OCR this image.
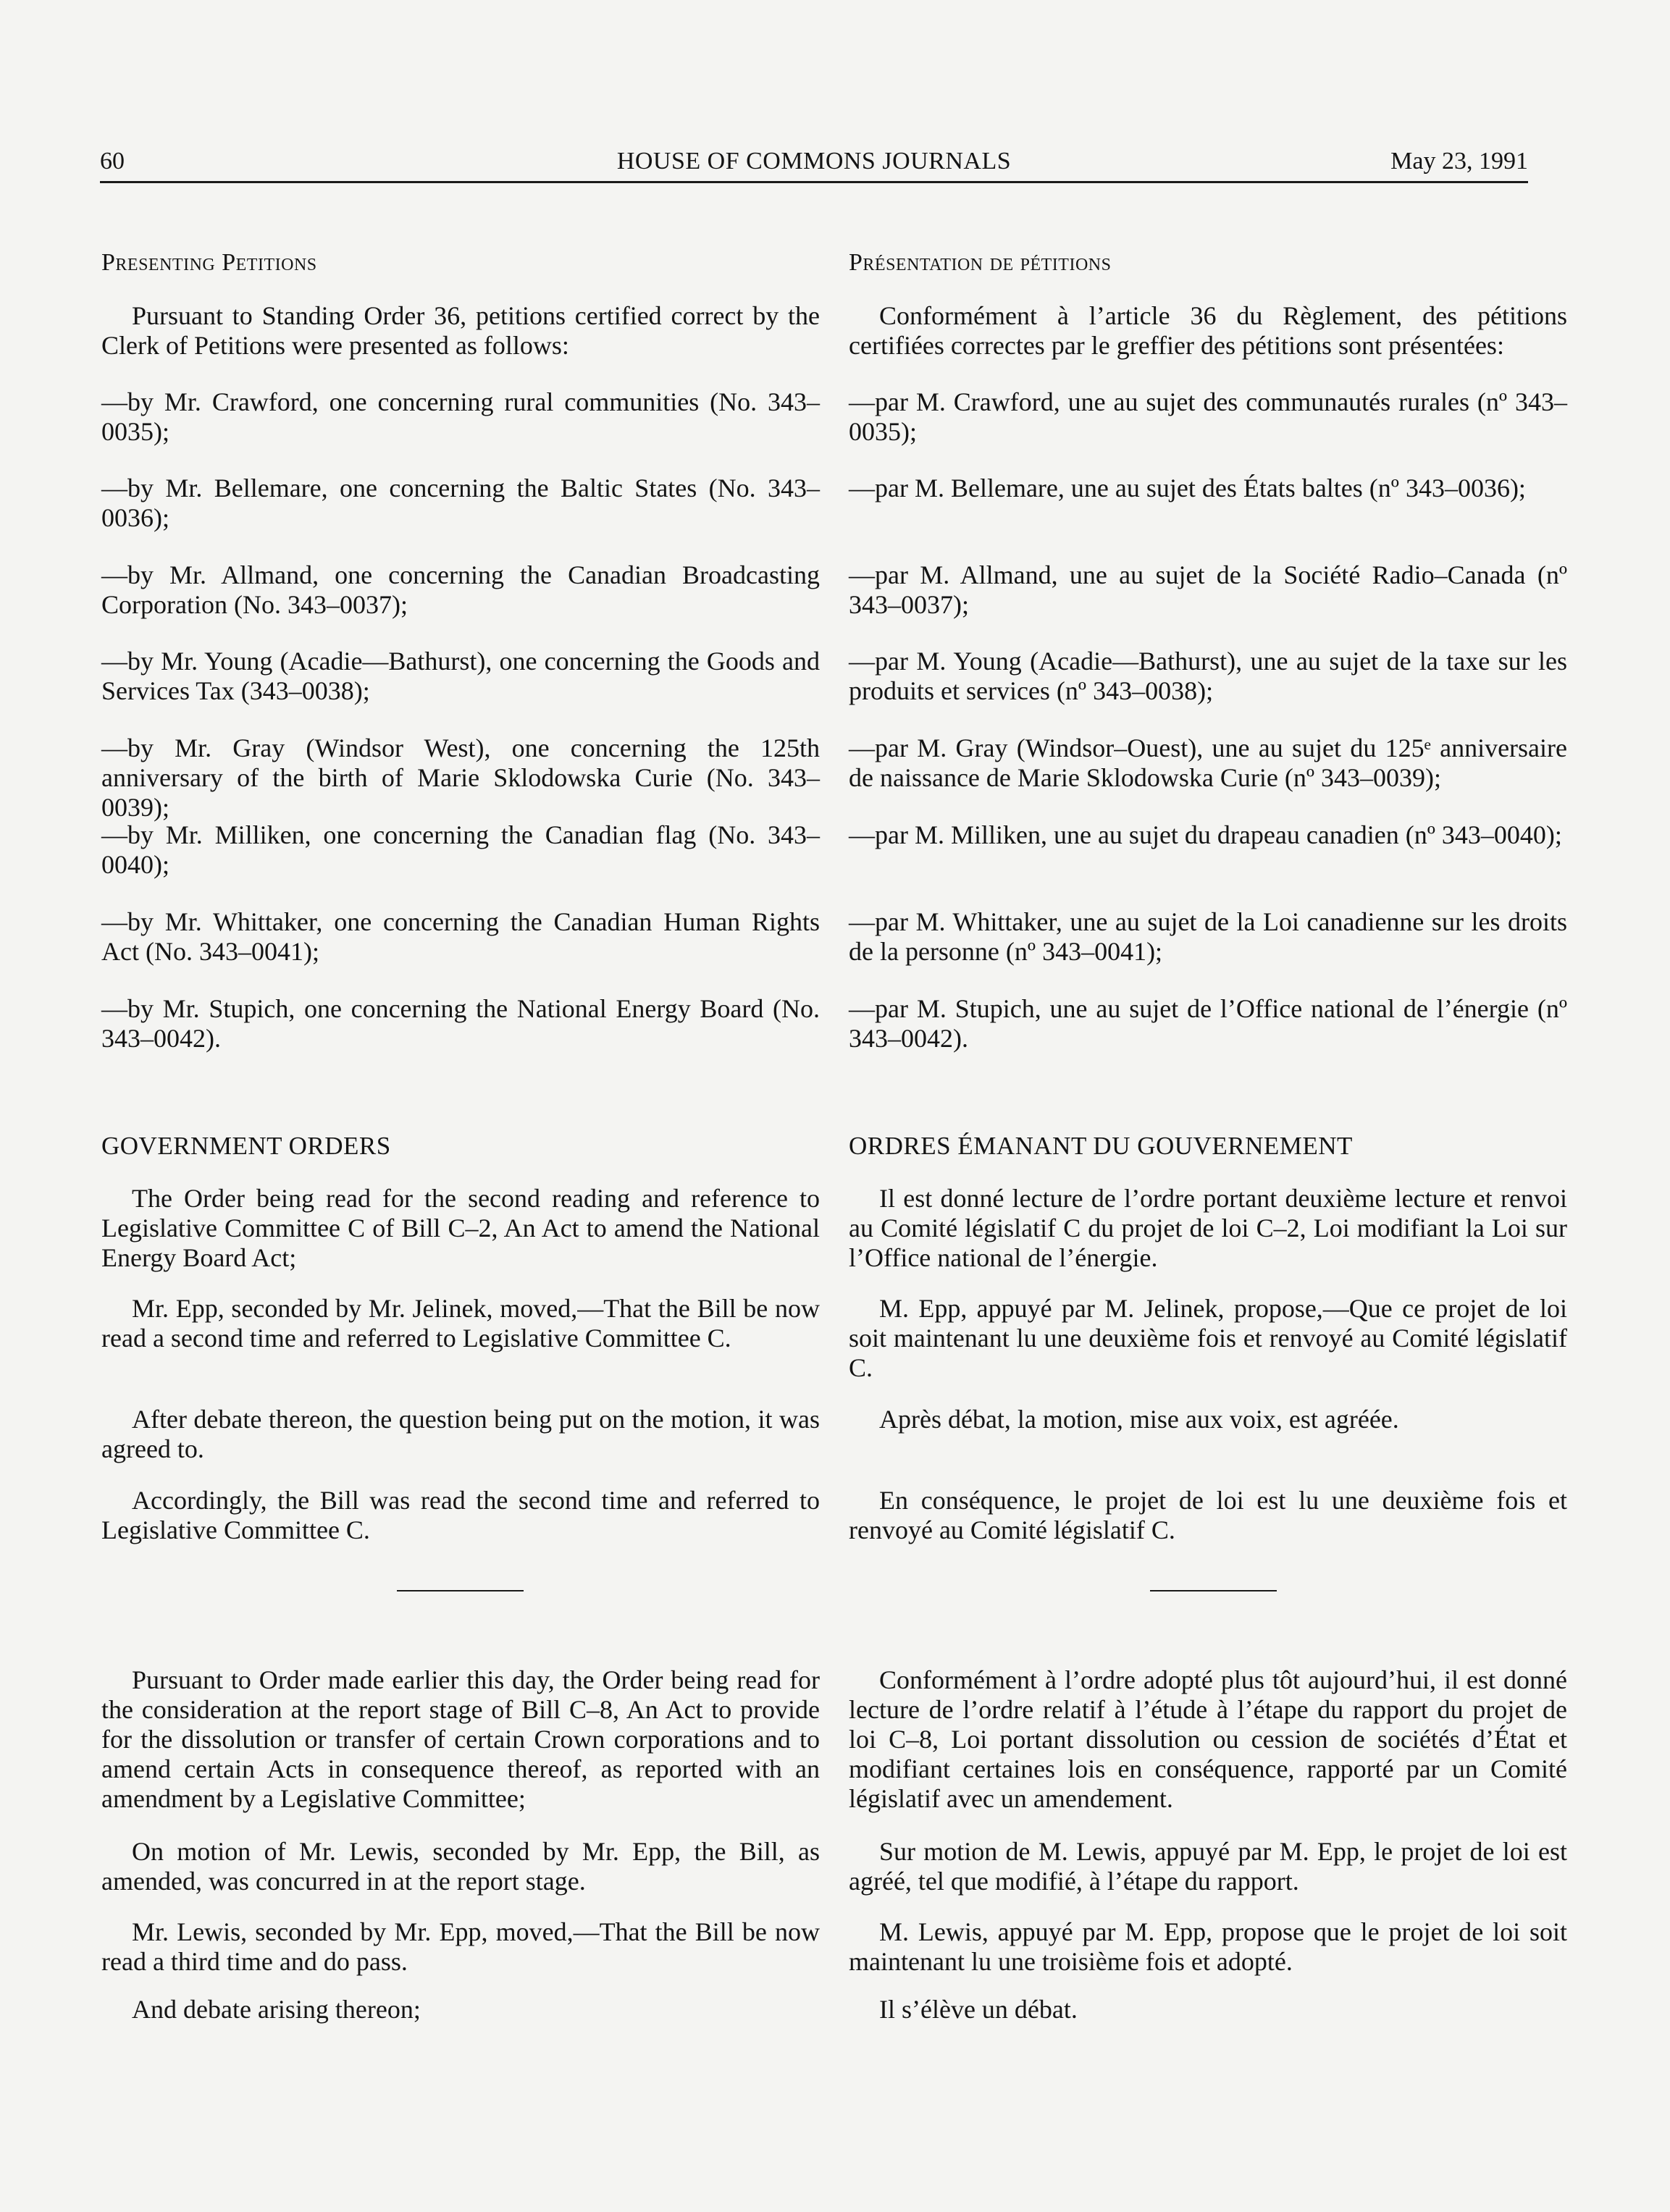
60	HOUSE OF COMMONS JOURNALS	May 23, 1991

Presenting Petitions

Pursuant to Standing Order 36, petitions certified correct by the Clerk of Petitions were presented as follows:

—by Mr. Crawford, one concerning rural communities (No. 343–0035);

—by Mr. Bellemare, one concerning the Baltic States (No. 343–0036);

—by Mr. Allmand, one concerning the Canadian Broadcasting Corporation (No. 343–0037);

—by Mr. Young (Acadie—Bathurst), one concerning the Goods and Services Tax (343–0038);

—by Mr. Gray (Windsor West), one concerning the 125th anniversary of the birth of Marie Sklodowska Curie (No. 343–0039);

—by Mr. Milliken, one concerning the Canadian flag (No. 343–0040);

—by Mr. Whittaker, one concerning the Canadian Human Rights Act (No. 343–0041);

—by Mr. Stupich, one concerning the National Energy Board (No. 343–0042).

GOVERNMENT ORDERS

The Order being read for the second reading and reference to Legislative Committee C of Bill C–2, An Act to amend the National Energy Board Act;

Mr. Epp, seconded by Mr. Jelinek, moved,—That the Bill be now read a second time and referred to Legislative Committee C.

After debate thereon, the question being put on the motion, it was agreed to.

Accordingly, the Bill was read the second time and referred to Legislative Committee C.

Pursuant to Order made earlier this day, the Order being read for the consideration at the report stage of Bill C–8, An Act to provide for the dissolution or transfer of certain Crown corporations and to amend certain Acts in consequence thereof, as reported with an amendment by a Legislative Committee;

On motion of Mr. Lewis, seconded by Mr. Epp, the Bill, as amended, was concurred in at the report stage.

Mr. Lewis, seconded by Mr. Epp, moved,—That the Bill be now read a third time and do pass.

And debate arising thereon;

Présentation de pétitions

Conformément à l’article 36 du Règlement, des pétitions certifiées correctes par le greffier des pétitions sont présentées:

—par M. Crawford, une au sujet des communautés rurales (nº 343–0035);

—par M. Bellemare, une au sujet des États baltes (nº 343–0036);

—par M. Allmand, une au sujet de la Société Radio–Canada (nº 343–0037);

—par M. Young (Acadie—Bathurst), une au sujet de la taxe sur les produits et services (nº 343–0038);

—par M. Gray (Windsor–Ouest), une au sujet du 125ᵉ anniversaire de naissance de Marie Sklodowska Curie (nº 343–0039);

—par M. Milliken, une au sujet du drapeau canadien (nº 343–0040);

—par M. Whittaker, une au sujet de la Loi canadienne sur les droits de la personne (nº 343–0041);

—par M. Stupich, une au sujet de l’Office national de l’énergie (nº 343–0042).

ORDRES ÉMANANT DU GOUVERNEMENT

Il est donné lecture de l’ordre portant deuxième lecture et renvoi au Comité législatif C du projet de loi C–2, Loi modifiant la Loi sur l’Office national de l’énergie.

M. Epp, appuyé par M. Jelinek, propose,—Que ce projet de loi soit maintenant lu une deuxième fois et renvoyé au Comité législatif C.

Après débat, la motion, mise aux voix, est agréée.

En conséquence, le projet de loi est lu une deuxième fois et renvoyé au Comité législatif C.

Conformément à l’ordre adopté plus tôt aujourd’hui, il est donné lecture de l’ordre relatif à l’étude à l’étape du rapport du projet de loi C–8, Loi portant dissolution ou cession de sociétés d’État et modifiant certaines lois en conséquence, rapporté par un Comité législatif avec un amendement.

Sur motion de M. Lewis, appuyé par M. Epp, le projet de loi est agréé, tel que modifié, à l’étape du rapport.

M. Lewis, appuyé par M. Epp, propose que le projet de loi soit maintenant lu une troisième fois et adopté.

Il s’élève un débat.
